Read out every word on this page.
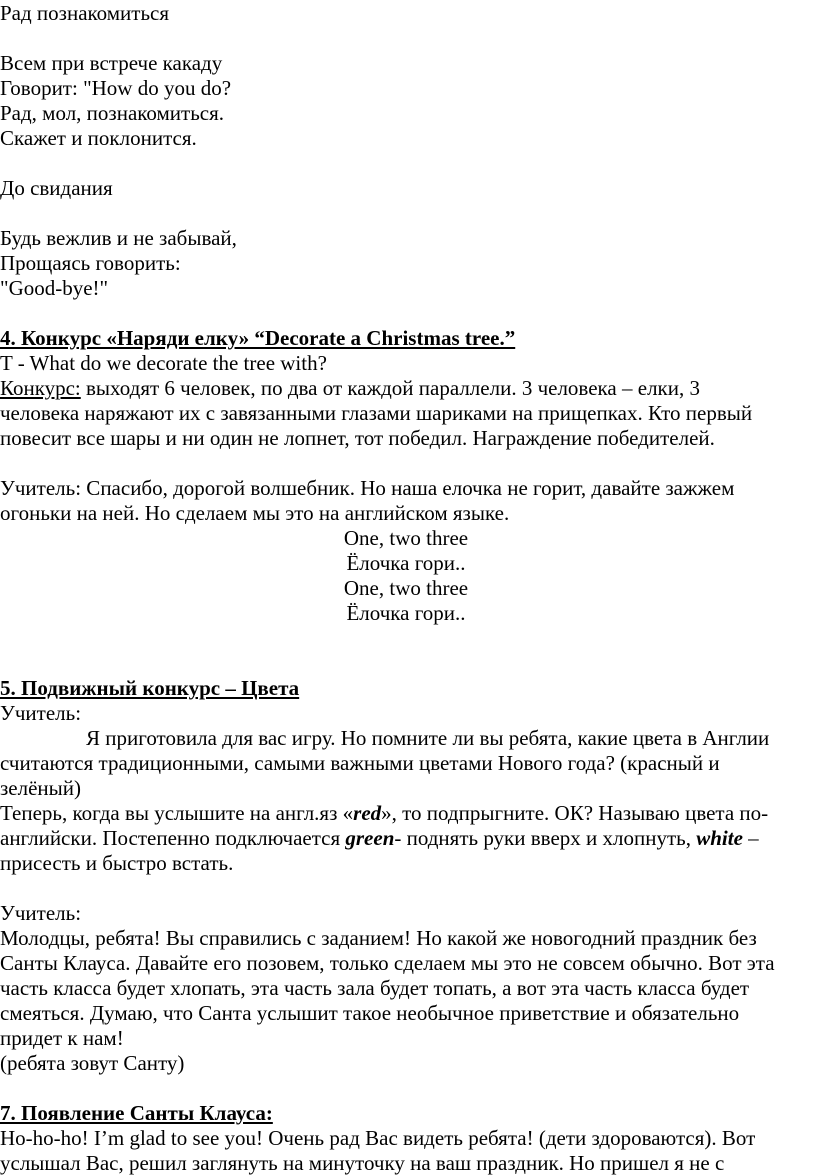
Рад познакомиться
Всем при встрече какаду
Говорит: "How do you do?
Рад, мол, познакомиться.
Скажет и поклонится.
До свидания
Будь вежлив и не забывай,
Прощаясь говорить:
"Good-bye!"
4. Конкурс «Наряди елку» “Decorate a Christmas tree.”
T - What do we decorate the tree with?
Конкурс: выходят 6 человек, по два от каждой параллели. 3 человека – елки, 3
человека наряжают их с завязанными глазами шариками на прищепках. Кто первый
повесит все шары и ни один не лопнет, тот победил. Награждение победителей.
Учитель: Спасибо, дорогой волшебник. Но наша елочка не горит, давайте зажжем
огоньки на ней. Но сделаем мы это на английском языке.
One, two three
Ёлочка гори..
One, two three
Ёлочка гори..
5. Подвижный конкурс – Цвета
Учитель:
Я приготовила для вас игру. Но помните ли вы ребята, какие цвета в Англии
считаются традиционными, самыми важными цветами Нового года? (красный и
зелёный)
Теперь, когда вы услышите на англ.яз «red», то подпрыгните. ОК? Называю цвета по-
английски. Постепенно подключается green- поднять руки вверх и хлопнуть, white –
присесть и быстро встать.
Учитель:
Молодцы, ребята! Вы справились с заданием! Но какой же новогодний праздник без
Санты Клауса. Давайте его позовем, только сделаем мы это не совсем обычно. Вот эта
часть класса будет хлопать, эта часть зала будет топать, а вот эта часть класса будет
смеяться. Думаю, что Санта услышит такое необычное приветствие и обязательно
придет к нам!
(ребята зовут Санту)
7. Появление Санты Клауса:
Ho-ho-ho! I’m glad to see you! Очень рад Вас видеть ребята! (дети здороваются). Вот
услышал Вас, решил заглянуть на минуточку на ваш праздник. Но пришел я не с
